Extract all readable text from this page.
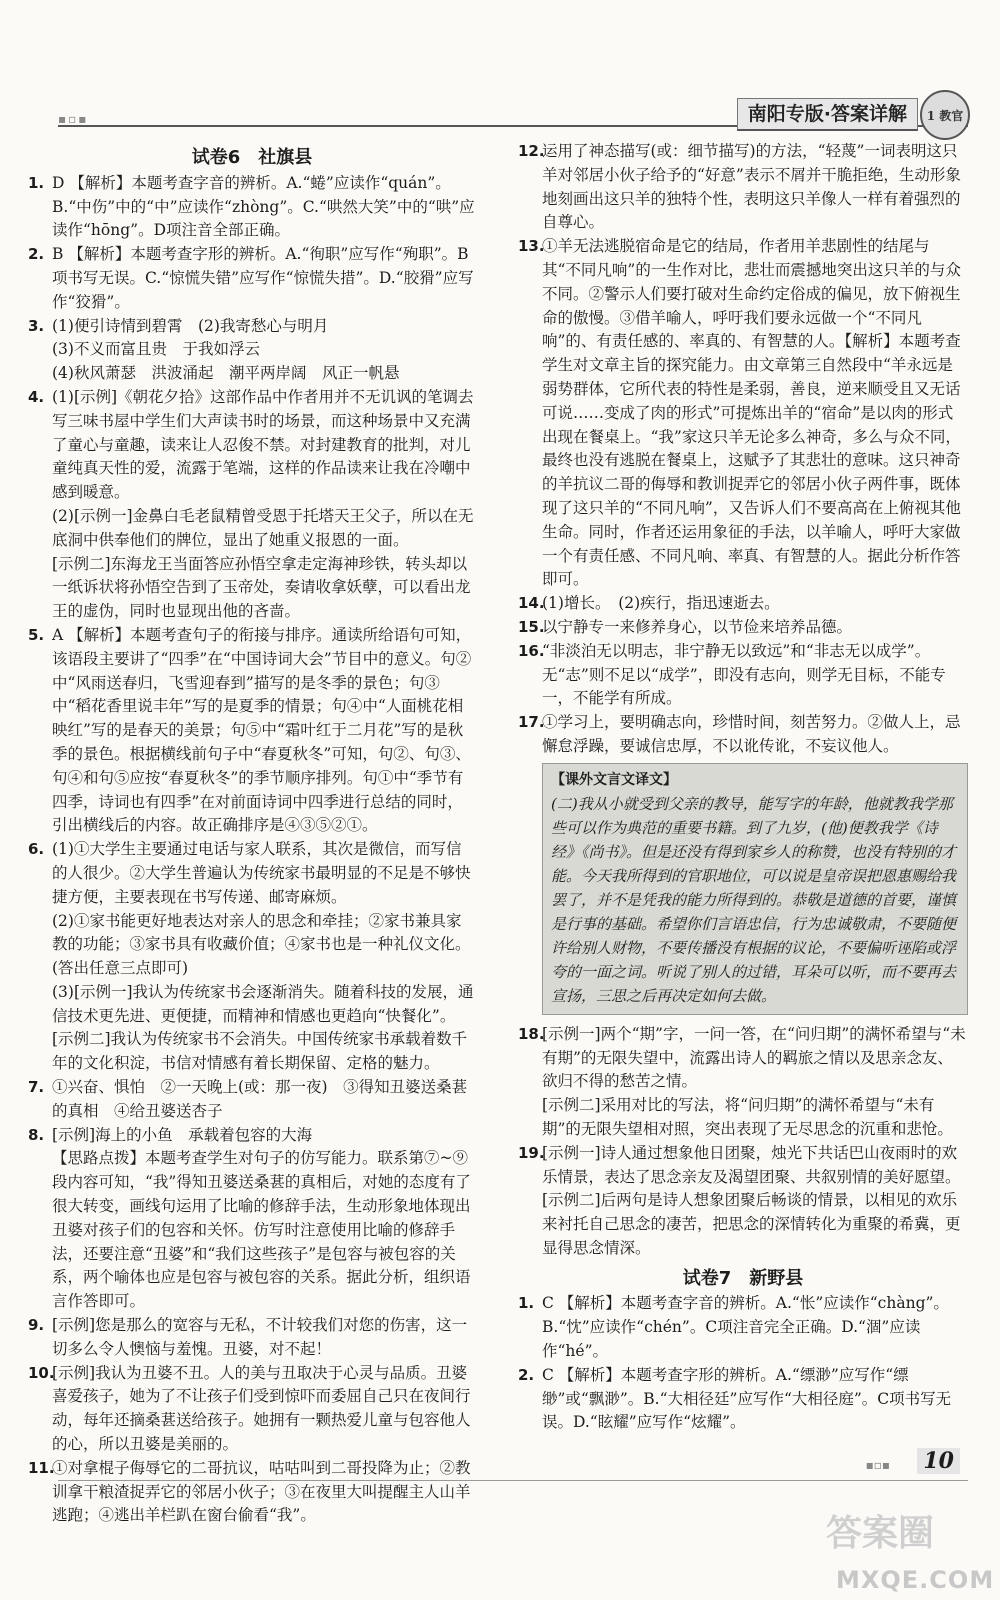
▪▫▪	南阳专版·答案详解	1 教官
试卷6　社旗县
1. D 【解析】本题考查字音的辨析。A.“蜷”应读作“quán”。B.“中伤”中的“中”应读作“zhòng”。C.“哄然大笑”中的“哄”应读作“hōng”。D项注音全部正确。

2. B 【解析】本题考查字形的辨析。A.“徇职”应写作“殉职”。B项书写无误。C.“惊慌失错”应写作“惊慌失措”。D.“胶猾”应写作“狡猾”。

3. (1)便引诗情到碧霄　(2)我寄愁心与明月

(3)不义而富且贵　于我如浮云

(4)秋风萧瑟　洪波涌起　潮平两岸阔　风正一帆悬

4. (1)[示例]《朝花夕拾》这部作品中作者用并不无讥讽的笔调去写三味书屋中学生们大声读书时的场景，而这种场景中又充满了童心与童趣，读来让人忍俊不禁。对封建教育的批判，对儿童纯真天性的爱，流露于笔端，这样的作品读来让我在冷嘲中感到暖意。

(2)[示例一]金鼻白毛老鼠精曾受恩于托塔天王父子，所以在无底洞中供奉他们的牌位，显出了她重义报恩的一面。

[示例二]东海龙王当面答应孙悟空拿走定海神珍铁，转头却以一纸诉状将孙悟空告到了玉帝处，奏请收拿妖孽，可以看出龙王的虚伪，同时也显现出他的吝啬。

5. A 【解析】本题考查句子的衔接与排序。通读所给语句可知，该语段主要讲了“四季”在“中国诗词大会”节目中的意义。句②中“风雨送春归，飞雪迎春到”描写的是冬季的景色；句③中“稻花香里说丰年”写的是夏季的情景；句④中“人面桃花相映红”写的是春天的美景；句⑤中“霜叶红于二月花”写的是秋季的景色。根据横线前句子中“春夏秋冬”可知，句②、句③、句④和句⑤应按“春夏秋冬”的季节顺序排列。句①中“季节有四季，诗词也有四季”在对前面诗词中四季进行总结的同时，引出横线后的内容。故正确排序是④③⑤②①。

6. (1)①大学生主要通过电话与家人联系，其次是微信，而写信的人很少。②大学生普遍认为传统家书最明显的不足是不够快捷方便，主要表现在书写传递、邮寄麻烦。

(2)①家书能更好地表达对亲人的思念和牵挂；②家书兼具家教的功能；③家书具有收藏价值；④家书也是一种礼仪文化。(答出任意三点即可)

(3)[示例一]我认为传统家书会逐渐消失。随着科技的发展，通信技术更先进、更便捷，而精神和情感也更趋向“快餐化”。

[示例二]我认为传统家书不会消失。中国传统家书承载着数千年的文化积淀，书信对情感有着长期保留、定格的魅力。

7. ①兴奋、惧怕　②一天晚上(或：那一夜)　③得知丑婆送桑葚的真相　④给丑婆送杏子

8. [示例]海上的小鱼　承载着包容的大海

【思路点拨】本题考查学生对句子的仿写能力。联系第⑦~⑨段内容可知，“我”得知丑婆送桑葚的真相后，对她的态度有了很大转变，画线句运用了比喻的修辞手法，生动形象地体现出丑婆对孩子们的包容和关怀。仿写时注意使用比喻的修辞手法，还要注意“丑婆”和“我们这些孩子”是包容与被包容的关系，两个喻体也应是包容与被包容的关系。据此分析，组织语言作答即可。

9. [示例]您是那么的宽容与无私，不计较我们对您的伤害，这一切多么令人懊恼与羞愧。丑婆，对不起！

10.

[示例]我认为丑婆不丑。人的美与丑取决于心灵与品质。丑婆喜爱孩子，她为了不让孩子们受到惊吓而委屈自己只在夜间行动，每年还摘桑葚送给孩子。她拥有一颗热爱儿童与包容他人的心，所以丑婆是美丽的。

11.

①对拿棍子侮辱它的二哥抗议，咕咕叫到二哥投降为止；②教训拿干粮渣捉弄它的邻居小伙子；③在夜里大叫提醒主人山羊逃跑；④逃出羊栏趴在窗台偷看“我”。

12.

运用了神态描写(或：细节描写)的方法，“轻蔑”一词表明这只羊对邻居小伙子给予的“好意”表示不屑并干脆拒绝，生动形象地刻画出这只羊的独特个性，表明这只羊像人一样有着强烈的自尊心。

13.

①羊无法逃脱宿命是它的结局，作者用羊悲剧性的结尾与其“不同凡响”的一生作对比，悲壮而震撼地突出这只羊的与众不同。②警示人们要打破对生命约定俗成的偏见，放下俯视生命的傲慢。③借羊喻人，呼吁我们要永远做一个“不同凡响”的、有责任感的、率真的、有智慧的人。【解析】本题考查学生对文章主旨的探究能力。由文章第三自然段中“羊永远是弱势群体，它所代表的特性是柔弱，善良，逆来顺受且又无话可说……变成了肉的形式”可提炼出羊的“宿命”是以肉的形式出现在餐桌上。“我”家这只羊无论多么神奇，多么与众不同，最终也没有逃脱在餐桌上，这赋予了其悲壮的意味。这只神奇的羊抗议二哥的侮辱和教训捉弄它的邻居小伙子两件事，既体现了这只羊的“不同凡响”，又告诉人们不要高高在上俯视其他生命。同时，作者还运用象征的手法，以羊喻人，呼吁大家做一个有责任感、不同凡响、率真、有智慧的人。据此分析作答即可。

14.

(1)增长。　(2)疾行，指迅速逝去。

15.

以宁静专一来修养身心，以节俭来培养品德。

16.

“非淡泊无以明志，非宁静无以致远”和“非志无以成学”。　无“志”则不足以“成学”，即没有志向，则学无目标，不能专一，不能学有所成。

17.

①学习上，要明确志向，珍惜时间，刻苦努力。②做人上，忌懈怠浮躁，要诚信忠厚，不以讹传讹，不妄议他人。

【课外文言文译文】
(二)我从小就受到父亲的教导，能写字的年龄，他就教我学那些可以作为典范的重要书籍。到了九岁，(他)便教我学《诗经》《尚书》。但是还没有得到家乡人的称赞，也没有特别的才能。今天我所得到的官职地位，可以说是皇帝误把恩惠赐给我罢了，并不是凭我的能力所得到的。恭敬是道德的首要，谨慎是行事的基础。希望你们言语忠信，行为忠诚敬肃，不要随便许给别人财物，不要传播没有根据的议论，不要偏听诬陷或浮夸的一面之词。听说了别人的过错，耳朵可以听，而不要再去宣扬，三思之后再决定如何去做。
18.

[示例一]两个“期”字，一问一答，在“问归期”的满怀希望与“未有期”的无限失望中，流露出诗人的羁旅之情以及思亲念友、欲归不得的愁苦之情。

[示例二]采用对比的写法，将“问归期”的满怀希望与“未有期”的无限失望相对照，突出表现了无尽思念的沉重和悲怆。

19.

[示例一]诗人通过想象他日团聚，烛光下共话巴山夜雨时的欢乐情景，表达了思念亲友及渴望团聚、共叙别情的美好愿望。

[示例二]后两句是诗人想象团聚后畅谈的情景，以相见的欢乐来衬托自己思念的凄苦，把思念的深情转化为重聚的希冀，更显得思念情深。

试卷7　新野县
1. C 【解析】本题考查字音的辨析。A.“怅”应读作“chàng”。B.“忱”应读作“chén”。C项注音完全正确。D.“涸”应读作“hé”。

2. C 【解析】本题考查字形的辨析。A.“缥渺”应写作“缥缈”或“飘渺”。B.“大相径廷”应写作“大相径庭”。C项书写无误。D.“眩耀”应写作“炫耀”。

▪▫▪ 10
答案圈
MXQE.COM
